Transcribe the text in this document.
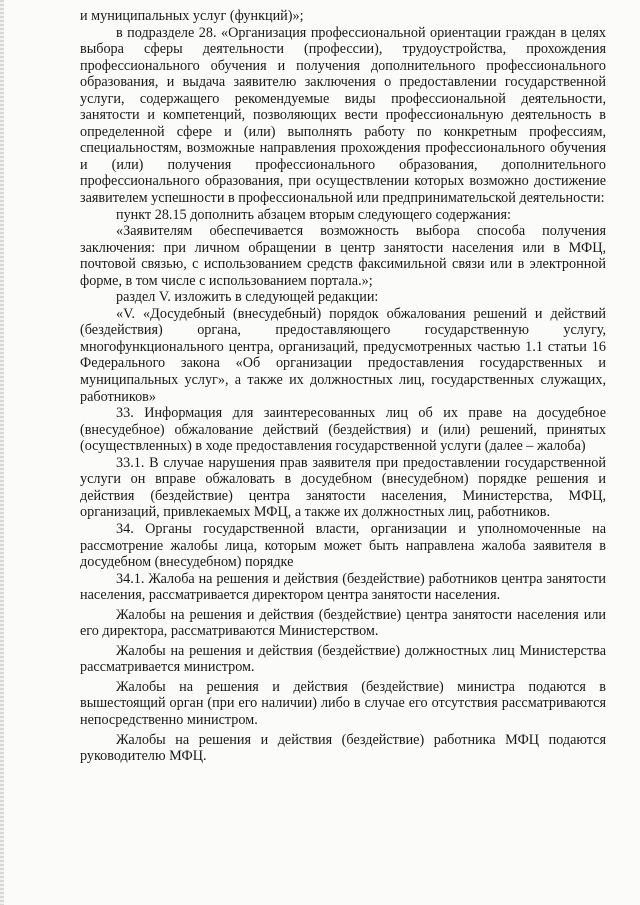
и муниципальных услуг (функций)»;

в подразделе 28. «Организация профессиональной ориентации граждан в целях выбора сферы деятельности (профессии), трудоустройства, прохождения профессионального обучения и получения дополнительного профессионального образования, и выдача заявителю заключения о предоставлении государственной услуги, содержащего рекомендуемые виды профессиональной деятельности, занятости и компетенций, позволяющих вести профессиональную деятельность в определенной сфере и (или) выполнять работу по конкретным профессиям, специальностям, возможные направления прохождения профессионального обучения и (или) получения профессионального образования, дополнительного профессионального образования, при осуществлении которых возможно достижение заявителем успешности в профессиональной или предпринимательской деятельности:

пункт 28.15 дополнить абзацем вторым следующего содержания:

«Заявителям обеспечивается возможность выбора способа получения заключения: при личном обращении в центр занятости населения или в МФЦ, почтовой связью, с использованием средств факсимильной связи или в электронной форме, в том числе с использованием портала.»;

раздел V. изложить в следующей редакции:

«V. «Досудебный (внесудебный) порядок обжалования решений и действий (бездействия) органа, предоставляющего государственную услугу, многофункционального центра, организаций, предусмотренных частью 1.1 статьи 16 Федерального закона «Об организации предоставления государственных и муниципальных услуг», а также их должностных лиц, государственных служащих, работников»

33. Информация для заинтересованных лиц об их праве на досудебное (внесудебное) обжалование действий (бездействия) и (или) решений, принятых (осуществленных) в ходе предоставления государственной услуги (далее – жалоба)

33.1. В случае нарушения прав заявителя при предоставлении государственной услуги он вправе обжаловать в досудебном (внесудебном) порядке решения и действия (бездействие) центра занятости населения, Министерства, МФЦ, организаций, привлекаемых МФЦ, а также их должностных лиц, работников.

34. Органы государственной власти, организации и уполномоченные на рассмотрение жалобы лица, которым может быть направлена жалоба заявителя в досудебном (внесудебном) порядке

34.1. Жалоба на решения и действия (бездействие) работников центра занятости населения, рассматривается директором центра занятости населения.

Жалобы на решения и действия (бездействие) центра занятости населения или его директора, рассматриваются Министерством.

Жалобы на решения и действия (бездействие) должностных лиц Министерства рассматривается министром.

Жалобы на решения и действия (бездействие) министра подаются в вышестоящий орган (при его наличии) либо в случае его отсутствия рассматриваются непосредственно министром.

Жалобы на решения и действия (бездействие) работника МФЦ подаются руководителю МФЦ.
